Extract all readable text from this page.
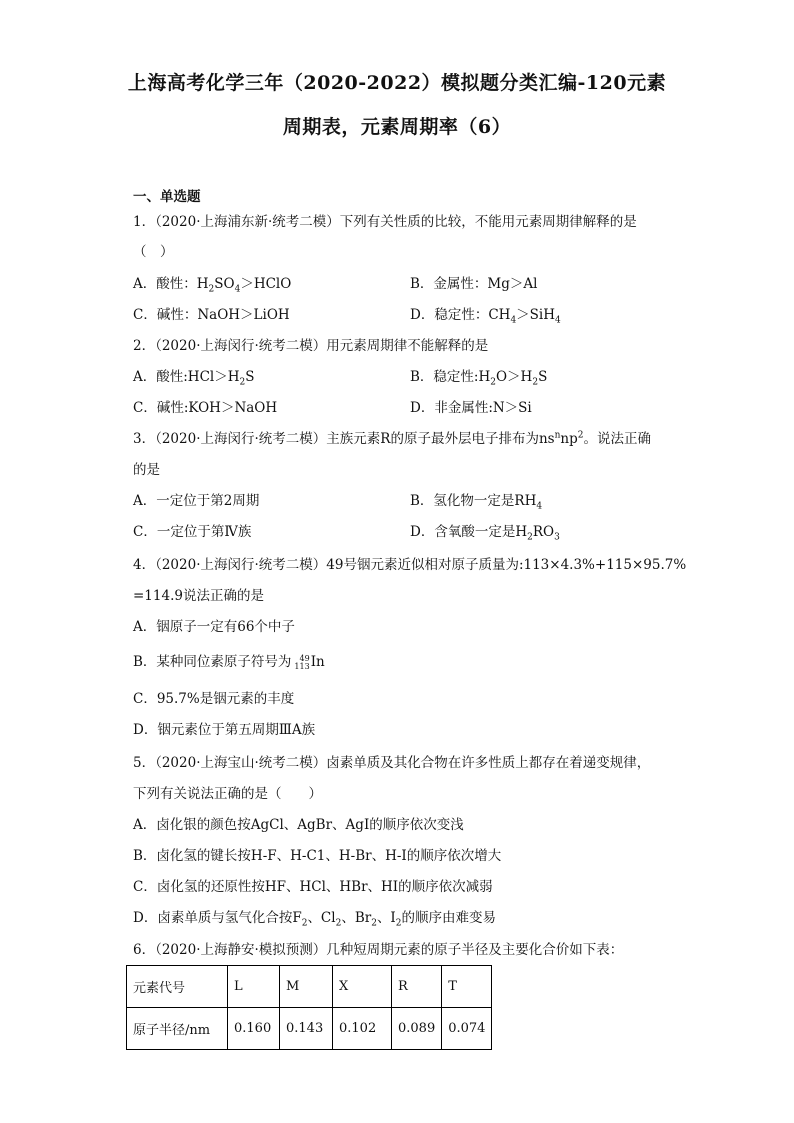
上海高考化学三年（2020-2022）模拟题分类汇编-120元素
周期表，元素周期率（6）
一、单选题
1．（2020·上海浦东新·统考二模）下列有关性质的比较，不能用元素周期律解释的是
（　）
A．酸性：$H_2SO_4>HClO$	B．金属性：Mg＞Al
C．碱性：NaOH＞LiOH	D．稳定性：$CH_4>SiH_4$
2．（2020·上海闵行·统考二模）用元素周期律不能解释的是
A．酸性$:HCl>H_2S$	B．稳定性$:H_2O>H_2S$
C．碱性:KOH＞NaOH	D．非金属性:N＞Si
3．（2020·上海闵行·统考二模）主族元素R的原子最外层电子排布为$ns^nnp^2$。说法正确
的是
A．一定位于第2周期	B．氢化物一定是$RH_4$
C．一定位于第Ⅳ族	D．含氧酸一定是$H_2RO_3$
4．（2020·上海闵行·统考二模）49号铟元素近似相对原子质量为:113×4.3%+115×95.7%
=114.9说法正确的是
A．铟原子一定有66个中子
B．某种同位素原子符号为	49
113 In
C．95.7%是铟元素的丰度
D．铟元素位于第五周期ⅢA族
5．（2020·上海宝山·统考二模）卤素单质及其化合物在许多性质上都存在着递变规律，
下列有关说法正确的是（　　）
A．卤化银的颜色按AgCl、AgBr、AgI的顺序依次变浅
B．卤化氢的键长按H-F、H-C1、H-Br、H-I的顺序依次增大
C．卤化氢的还原性按HF、HCl、HBr、HI的顺序依次减弱
D．卤素单质与氢气化合按$F_2$、$Cl_2$、$Br_2$、$I_2$的顺序由难变易
6．（2020·上海静安·模拟预测）几种短周期元素的原子半径及主要化合价如下表：
元素代号	L	M	X	R	T
原子半径/nm	0.160	0.143	0.102	0.089	0.074
